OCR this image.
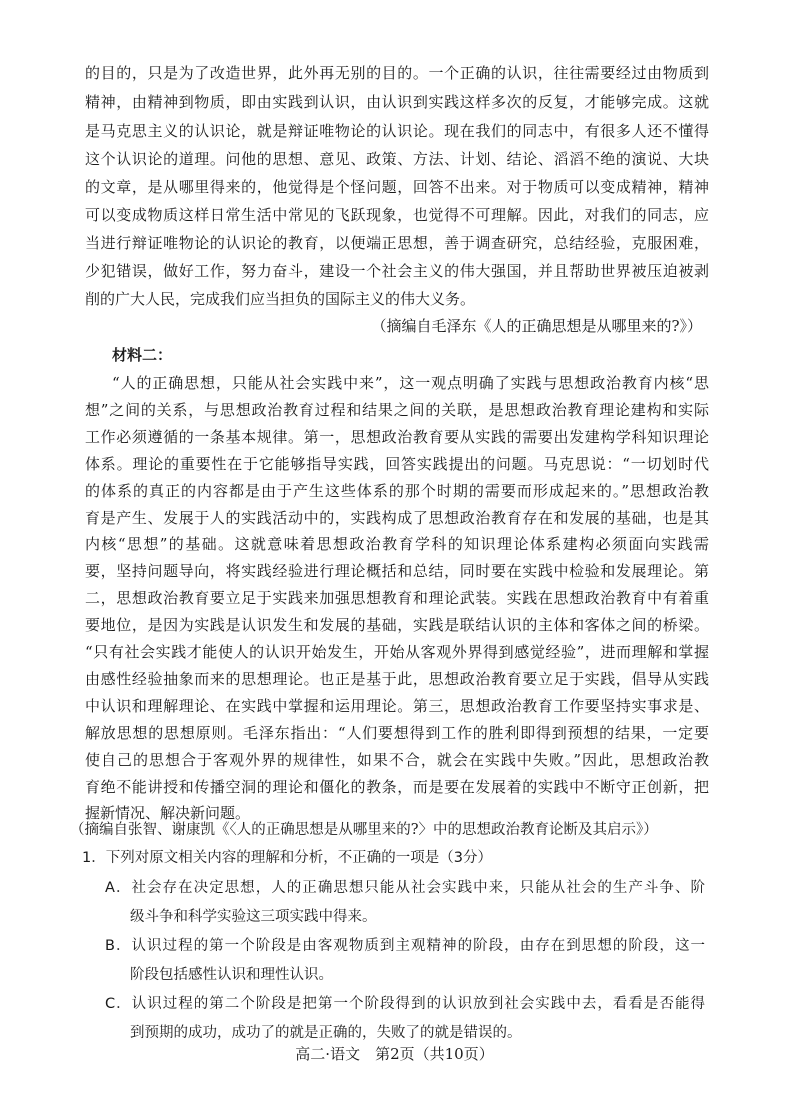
的目的，只是为了改造世界，此外再无别的目的。一个正确的认识，往往需要经过由物质到
精神，由精神到物质，即由实践到认识，由认识到实践这样多次的反复，才能够完成。这就
是马克思主义的认识论，就是辩证唯物论的认识论。现在我们的同志中，有很多人还不懂得
这个认识论的道理。问他的思想、意见、政策、方法、计划、结论、滔滔不绝的演说、大块
的文章，是从哪里得来的，他觉得是个怪问题，回答不出来。对于物质可以变成精神，精神
可以变成物质这样日常生活中常见的飞跃现象，也觉得不可理解。因此，对我们的同志，应
当进行辩证唯物论的认识论的教育，以便端正思想，善于调查研究，总结经验，克服困难，
少犯错误，做好工作，努力奋斗，建设一个社会主义的伟大强国，并且帮助世界被压迫被剥
削的广大人民，完成我们应当担负的国际主义的伟大义务。
（摘编自毛泽东《人的正确思想是从哪里来的?》）
材料二：
“人的正确思想，只能从社会实践中来”，这一观点明确了实践与思想政治教育内核“思
想”之间的关系，与思想政治教育过程和结果之间的关联，是思想政治教育理论建构和实际
工作必须遵循的一条基本规律。第一，思想政治教育要从实践的需要出发建构学科知识理论
体系。理论的重要性在于它能够指导实践，回答实践提出的问题。马克思说：“一切划时代
的体系的真正的内容都是由于产生这些体系的那个时期的需要而形成起来的。”思想政治教
育是产生、发展于人的实践活动中的，实践构成了思想政治教育存在和发展的基础，也是其
内核“思想”的基础。这就意味着思想政治教育学科的知识理论体系建构必须面向实践需
要，坚持问题导向，将实践经验进行理论概括和总结，同时要在实践中检验和发展理论。第
二，思想政治教育要立足于实践来加强思想教育和理论武装。实践在思想政治教育中有着重
要地位，是因为实践是认识发生和发展的基础，实践是联结认识的主体和客体之间的桥梁。
“只有社会实践才能使人的认识开始发生，开始从客观外界得到感觉经验”，进而理解和掌握
由感性经验抽象而来的思想理论。也正是基于此，思想政治教育要立足于实践，倡导从实践
中认识和理解理论、在实践中掌握和运用理论。第三，思想政治教育工作要坚持实事求是、
解放思想的思想原则。毛泽东指出：“人们要想得到工作的胜利即得到预想的结果，一定要
使自己的思想合于客观外界的规律性，如果不合，就会在实践中失败。”因此，思想政治教
育绝不能讲授和传播空洞的理论和僵化的教条，而是要在发展着的实践中不断守正创新，把
握新情况、解决新问题。
（摘编自张智、谢康凯《〈人的正确思想是从哪里来的?〉中的思想政治教育论断及其启示》）
高二·语文　第2页（共10页）
1．下列对原文相关内容的理解和分析，不正确的一项是（3分）
A．社会存在决定思想，人的正确思想只能从社会实践中来，只能从社会的生产斗争、阶
级斗争和科学实验这三项实践中得来。
B．认识过程的第一个阶段是由客观物质到主观精神的阶段，由存在到思想的阶段，这一
阶段包括感性认识和理性认识。
C．认识过程的第二个阶段是把第一个阶段得到的认识放到社会实践中去，看看是否能得
到预期的成功，成功了的就是正确的，失败了的就是错误的。
